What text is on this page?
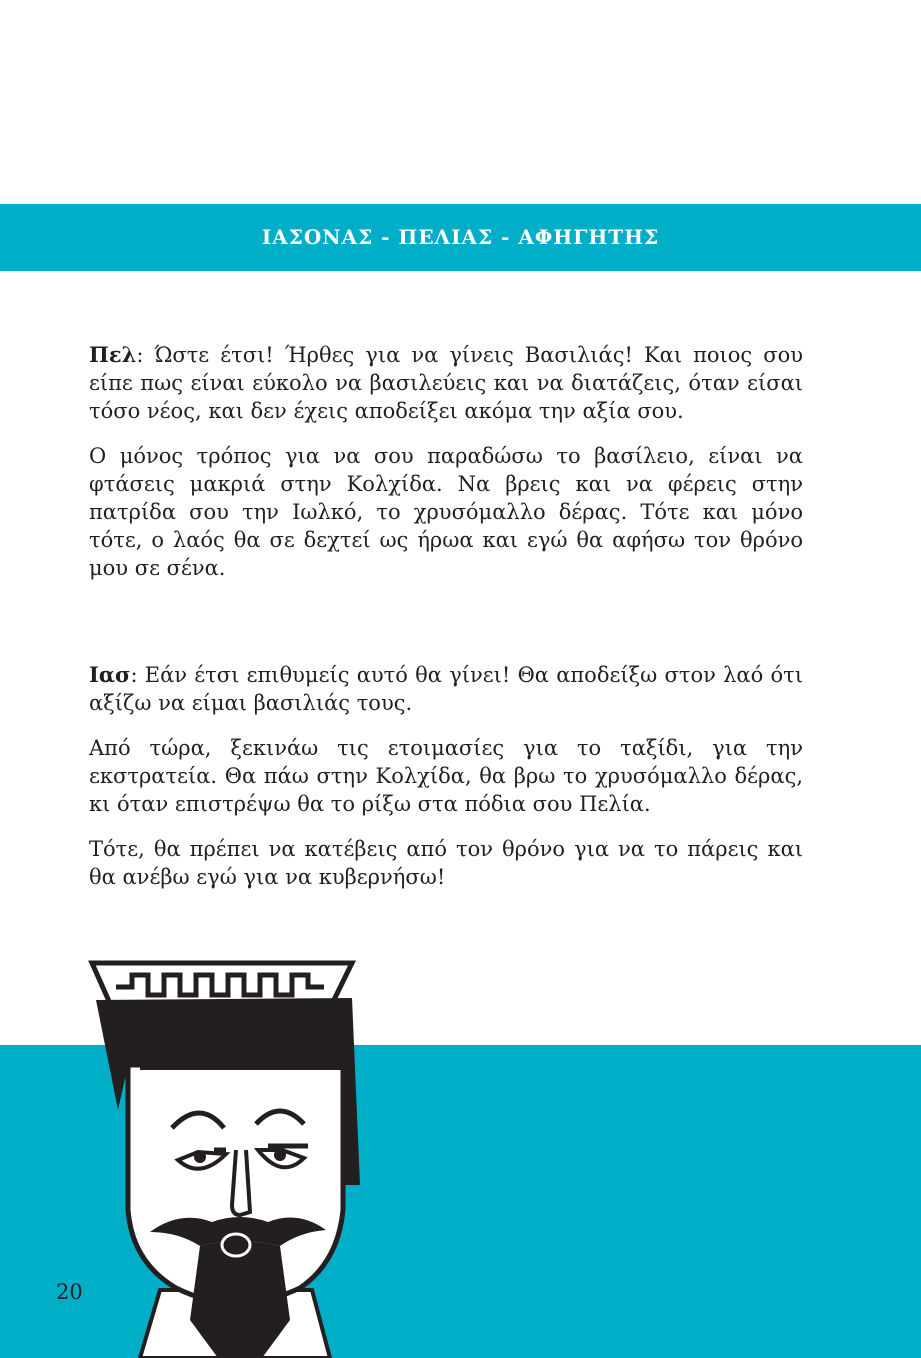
ΙΑΣΟΝΑΣ - ΠΕΛΙΑΣ - ΑΦΗΓΗΤΗΣ

Πελ: Ώστε έτσι! Ήρθες για να γίνεις Βασιλιάς! Και ποιος σου είπε πως είναι εύκολο να βασιλεύεις και να διατάζεις, όταν είσαι τόσο νέος, και δεν έχεις αποδείξει ακόμα την αξία σου.

Ο μόνος τρόπος για να σου παραδώσω το βασίλειο, είναι να φτάσεις μακριά στην Κολχίδα. Να βρεις και να φέρεις στην πατρίδα σου την Ιωλκό, το χρυσόμαλλο δέρας. Τότε και μόνο τότε, ο λαός θα σε δεχτεί ως ήρωα και εγώ θα αφήσω τον θρόνο μου σε σένα.

Ιασ: Εάν έτσι επιθυμείς αυτό θα γίνει! Θα αποδείξω στον λαό ότι αξίζω να είμαι βασιλιάς τους.

Από τώρα, ξεκινάω τις ετοιμασίες για το ταξίδι, για την εκστρατεία. Θα πάω στην Κολχίδα, θα βρω το χρυσόμαλλο δέρας, κι όταν επιστρέψω θα το ρίξω στα πόδια σου Πελία.

Τότε, θα πρέπει να κατέβεις από τον θρόνο για να το πάρεις και θα ανέβω εγώ για να κυβερνήσω!

20
